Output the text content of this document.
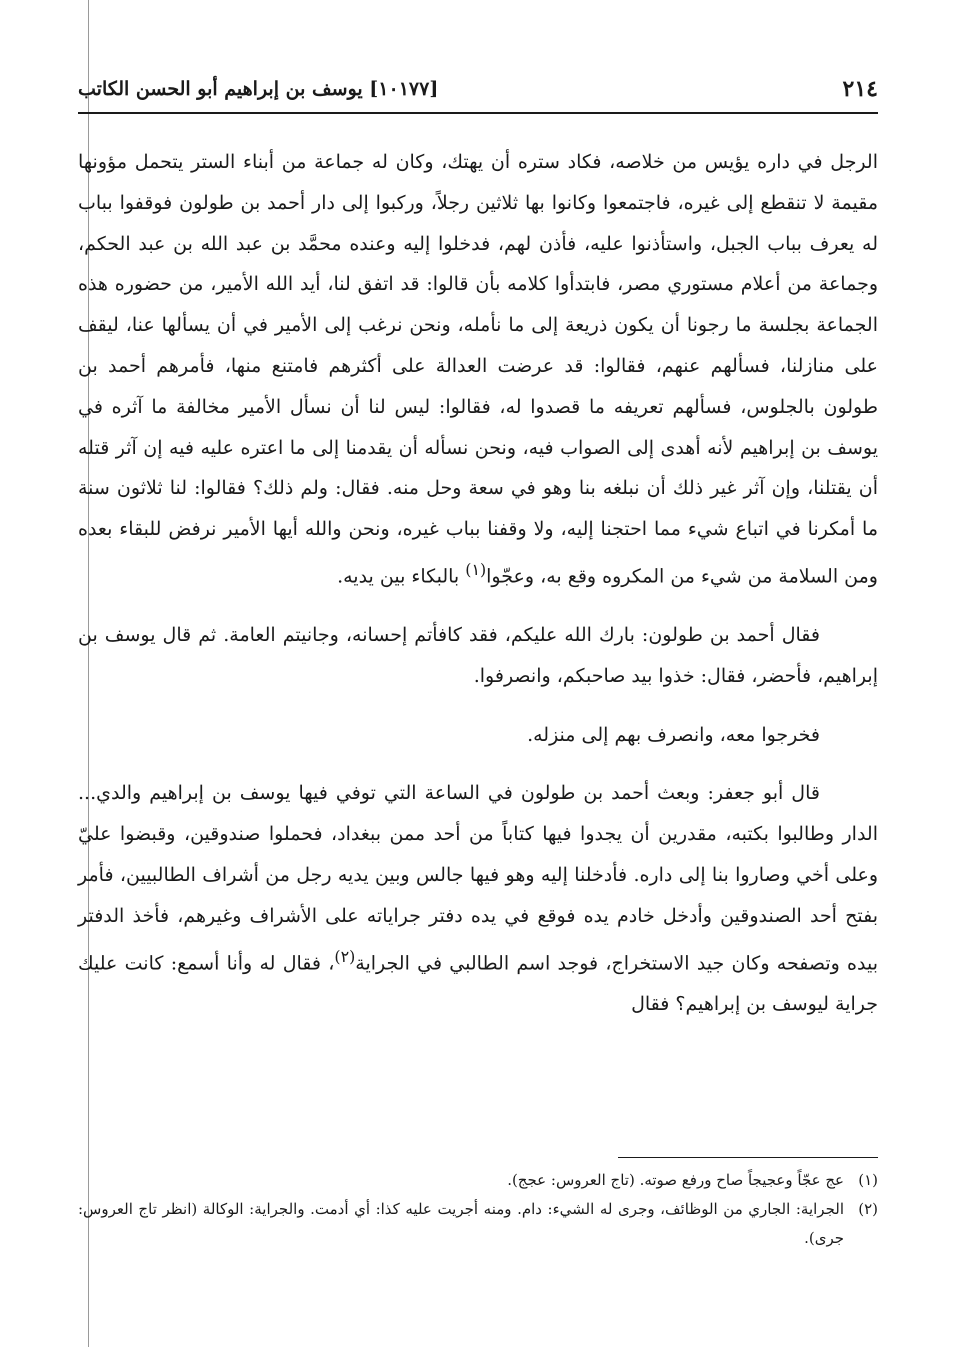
٢١٤
[١٠١٧٧] يوسف بن إبراهيم أبو الحسن الكاتب

الرجل في داره يؤيس من خلاصه، فكاد ستره أن يهتك، وكان له جماعة من أبناء الستر يتحمل مؤونها مقيمة لا تنقطع إلى غيره، فاجتمعوا وكانوا بها ثلاثين رجلاً، وركبوا إلى دار أحمد بن طولون فوقفوا بباب له يعرف بباب الجبل، واستأذنوا عليه، فأذن لهم، فدخلوا إليه وعنده محمَّد بن عبد الله بن عبد الحكم، وجماعة من أعلام مستوري مصر، فابتدأوا كلامه بأن قالوا: قد اتفق لنا، أيد الله الأمير، من حضوره هذه الجماعة بجلسة ما رجونا أن يكون ذريعة إلى ما نأمله، ونحن نرغب إلى الأمير في أن يسألها عنا، ليقف على منازلنا، فسألهم عنهم، فقالوا: قد عرضت العدالة على أكثرهم فامتنع منها، فأمرهم أحمد بن طولون بالجلوس، فسألهم تعريفه ما قصدوا له، فقالوا: ليس لنا أن نسأل الأمير مخالفة ما آثره في يوسف بن إبراهيم لأنه أهدى إلى الصواب فيه، ونحن نسأله أن يقدمنا إلى ما اعتره عليه فيه إن آثر قتله أن يقتلنا، وإن آثر غير ذلك أن نبلغه بنا وهو في سعة وحل منه. فقال: ولم ذلك؟ فقالوا: لنا ثلاثون سنة ما أمكرنا في اتباع شيء مما احتجنا إليه، ولا وقفنا بباب غيره، ونحن والله أيها الأمير نرفض للبقاء بعده ومن السلامة من شيء من المكروه وقع به، وعجّوا$^{(١)}$ بالبكاء بين يديه.

فقال أحمد بن طولون: بارك الله عليكم، فقد كافأتم إحسانه، وجانيتم العامة. ثم قال يوسف بن إبراهيم، فأحضر، فقال: خذوا بيد صاحبكم، وانصرفوا.

فخرجوا معه، وانصرف بهم إلى منزله.

قال أبو جعفر: وبعث أحمد بن طولون في الساعة التي توفي فيها يوسف بن إبراهيم والدي... الدار وطالبوا بكتبه، مقدرين أن يجدوا فيها كتاباً من أحد ممن ببغداد، فحملوا صندوقين، وقبضوا عليّ وعلى أخي وصاروا بنا إلى داره. فأدخلنا إليه وهو فيها جالس وبين يديه رجل من أشراف الطالبيين، فأمر بفتح أحد الصندوقين وأدخل خادم يده فوقع في يده دفتر جراياته على الأشراف وغيرهم، فأخذ الدفتر بيده وتصفحه وكان جيد الاستخراج، فوجد اسم الطالبي في الجراية$^{(٢)}$، فقال له وأنا أسمع: كانت عليك جراية ليوسف بن إبراهيم؟ فقال

(١)
عج عجّاً وعجيجاً صاح ورفع صوته. (تاج العروس: عجج).
(٢)
الجراية: الجاري من الوظائف، وجرى له الشيء: دام. ومنه أجريت عليه كذا: أي أدمت. والجراية: الوكالة (انظر تاج العروس: جرى).
